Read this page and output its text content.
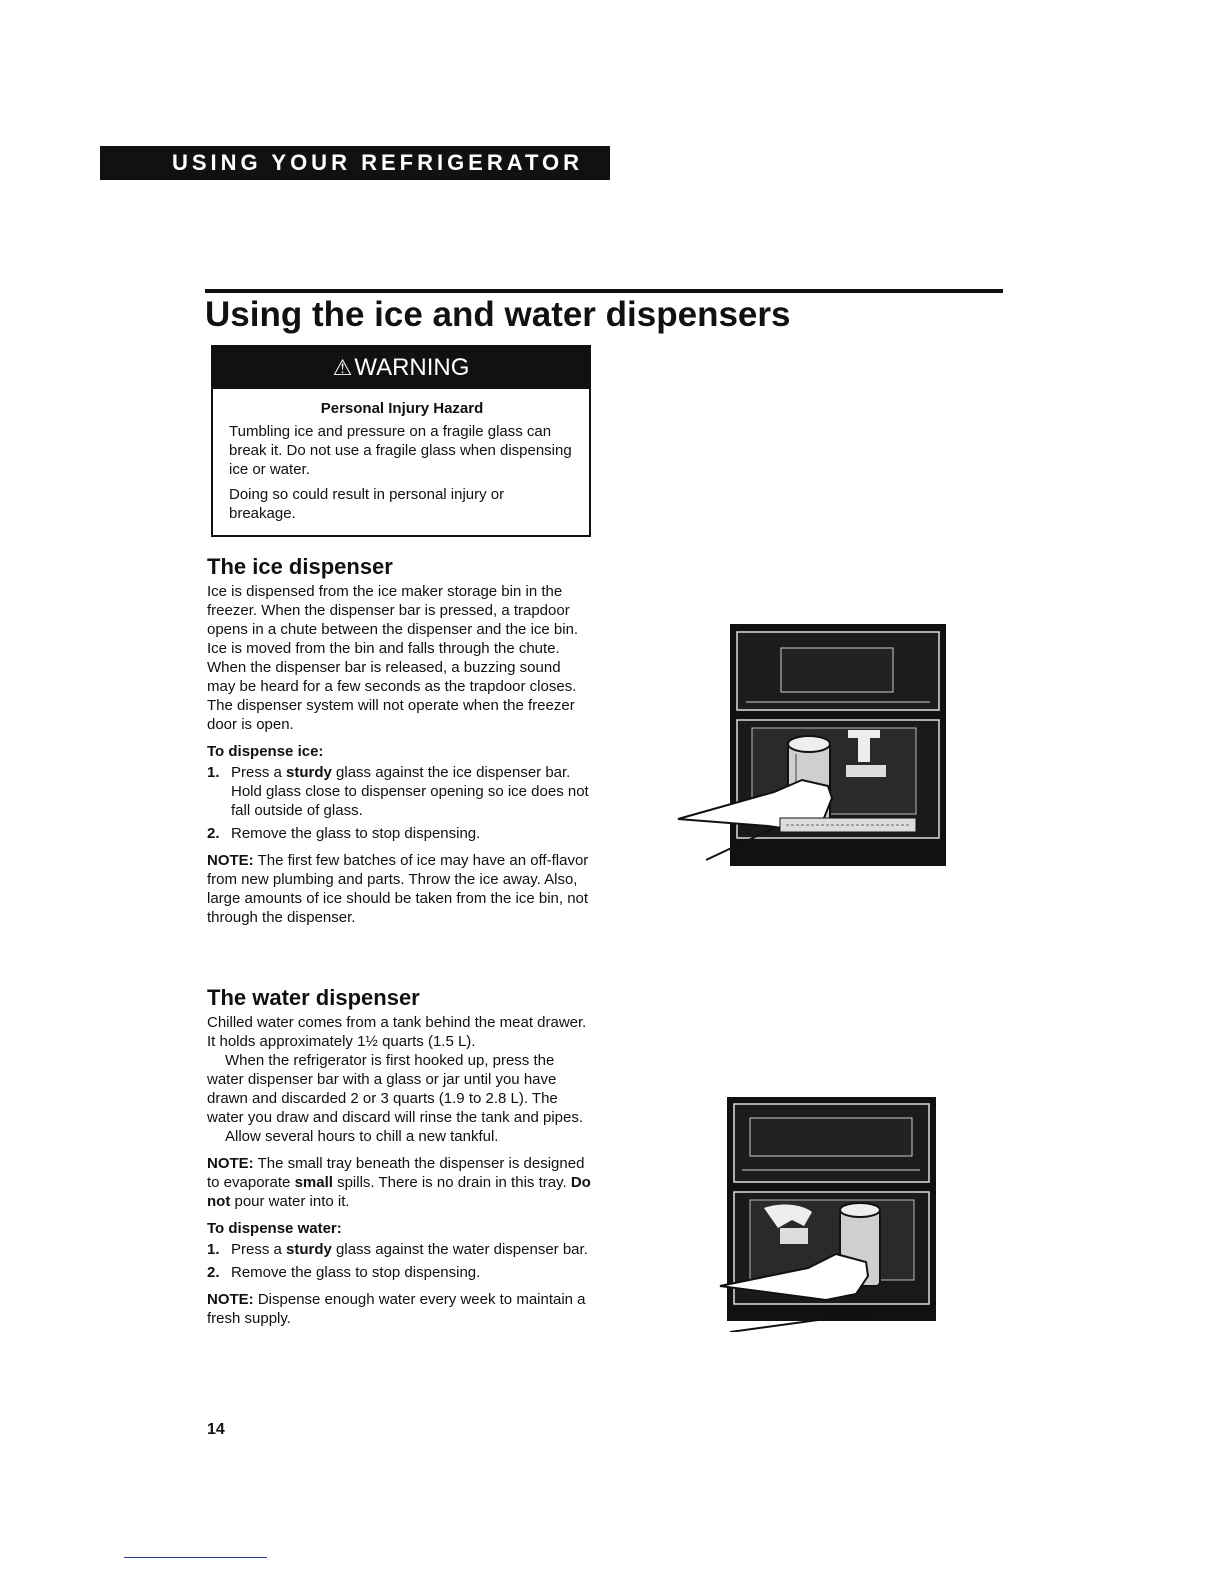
USING YOUR REFRIGERATOR
Using the ice and water dispensers
⚠ WARNING
Personal Injury Hazard

Tumbling ice and pressure on a fragile glass can break it. Do not use a fragile glass when dispensing ice or water.

Doing so could result in personal injury or breakage.

The ice dispenser

Ice is dispensed from the ice maker storage bin in the freezer. When the dispenser bar is pressed, a trapdoor opens in a chute between the dispenser and the ice bin. Ice is moved from the bin and falls through the chute. When the dispenser bar is released, a buzzing sound may be heard for a few seconds as the trapdoor closes. The dispenser system will not operate when the freezer door is open.

To dispense ice:

1. Press a sturdy glass against the ice dispenser bar. Hold glass close to dispenser opening so ice does not fall outside of glass.
2. Remove the glass to stop dispensing.

NOTE: The first few batches of ice may have an off-flavor from new plumbing and parts. Throw the ice away. Also, large amounts of ice should be taken from the ice bin, not through the dispenser.

The water dispenser

Chilled water comes from a tank behind the meat drawer. It holds approximately 1½ quarts (1.5 L).

When the refrigerator is first hooked up, press the water dispenser bar with a glass or jar until you have drawn and discarded 2 or 3 quarts (1.9 to 2.8 L). The water you draw and discard will rinse the tank and pipes.

Allow several hours to chill a new tankful.

NOTE: The small tray beneath the dispenser is designed to evaporate small spills. There is no drain in this tray. Do not pour water into it.

To dispense water:

1. Press a sturdy glass against the water dispenser bar.
2. Remove the glass to stop dispensing.

NOTE: Dispense enough water every week to maintain a fresh supply.

14
